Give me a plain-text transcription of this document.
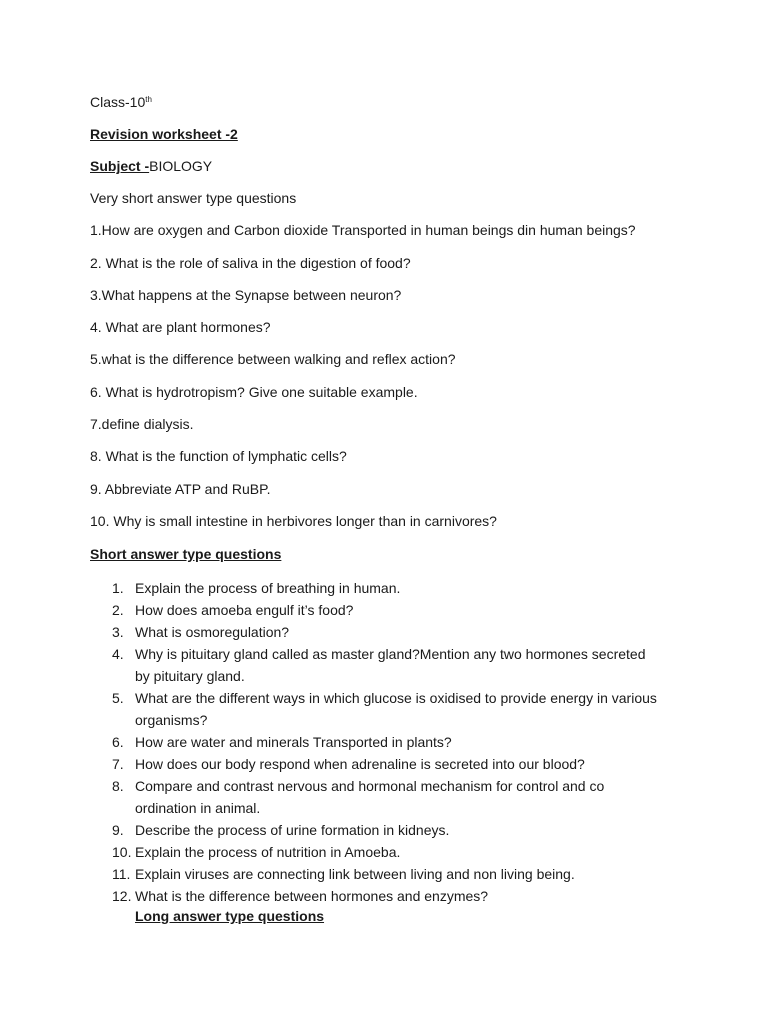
Class-10th

Revision worksheet -2

Subject -BIOLOGY

Very short answer type questions

1.How are oxygen and Carbon dioxide Transported in human beings din human beings?

2. What is the role of saliva in the digestion of food?

3.What happens at the Synapse between neuron?

4. What are plant hormones?

5.what is the difference between walking and reflex action?

6. What is hydrotropism? Give one suitable example.

7.define dialysis.

8. What is the function of lymphatic cells?

9. Abbreviate ATP and RuBP.

10. Why is small intestine in herbivores longer than in carnivores?

Short answer type questions

1. Explain the process of breathing in human.
2. How does amoeba engulf it’s food?
3. What is osmoregulation?
4. Why is pituitary gland called as master gland?Mention any two hormones secreted
by pituitary gland.
5. What are the different ways in which glucose is oxidised to provide energy in various
organisms?
6. How are water and minerals Transported in plants?
7. How does our body respond when adrenaline is secreted into our blood?
8. Compare and contrast nervous and hormonal mechanism for control and co
ordination in animal.
9. Describe the process of urine formation in kidneys.
10. Explain the process of nutrition in Amoeba.
11. Explain viruses are connecting link between living and non living being.
12. What is the difference between hormones and enzymes?

Long answer type questions
